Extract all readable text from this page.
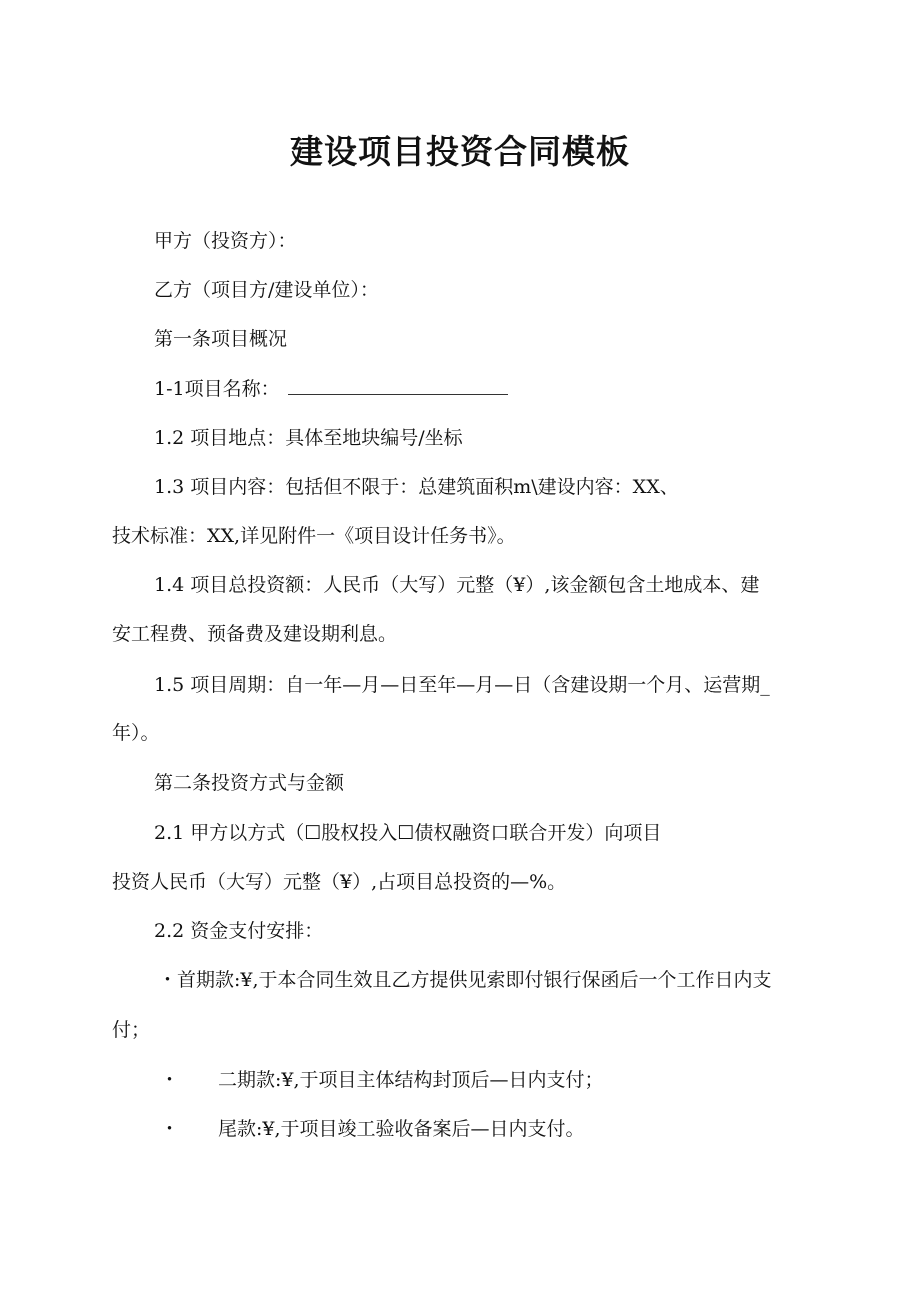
建设项目投资合同模板

甲方（投资方）：

乙方（项目方/建设单位）：

第一条项目概况

1-1项目名称：

1.2 项目地点：具体至地块编号/坐标

1.3 项目内容：包括但不限于：总建筑面积m\建设内容：XX、

技术标准：XX,详见附件一《项目设计任务书》。

1.4 项目总投资额：人民币（大写）元整（¥）,该金额包含土地成本、建

安工程费、预备费及建设期利息。

1.5 项目周期：自一年—月—日至年—月—日（含建设期一个月、运营期_

年）。

第二条投资方式与金额

2.1 甲方以方式（☐股权投入☐债权融资口联合开发）向项目

投资人民币（大写）元整（¥）,占项目总投资的—%。

2.2 资金支付安排：

・首期款:¥,于本合同生效且乙方提供见索即付银行保函后一个工作日内支

付；

・ 二期款:¥,于项目主体结构封顶后—日内支付；
・ 尾款:¥,于项目竣工验收备案后—日内支付。
